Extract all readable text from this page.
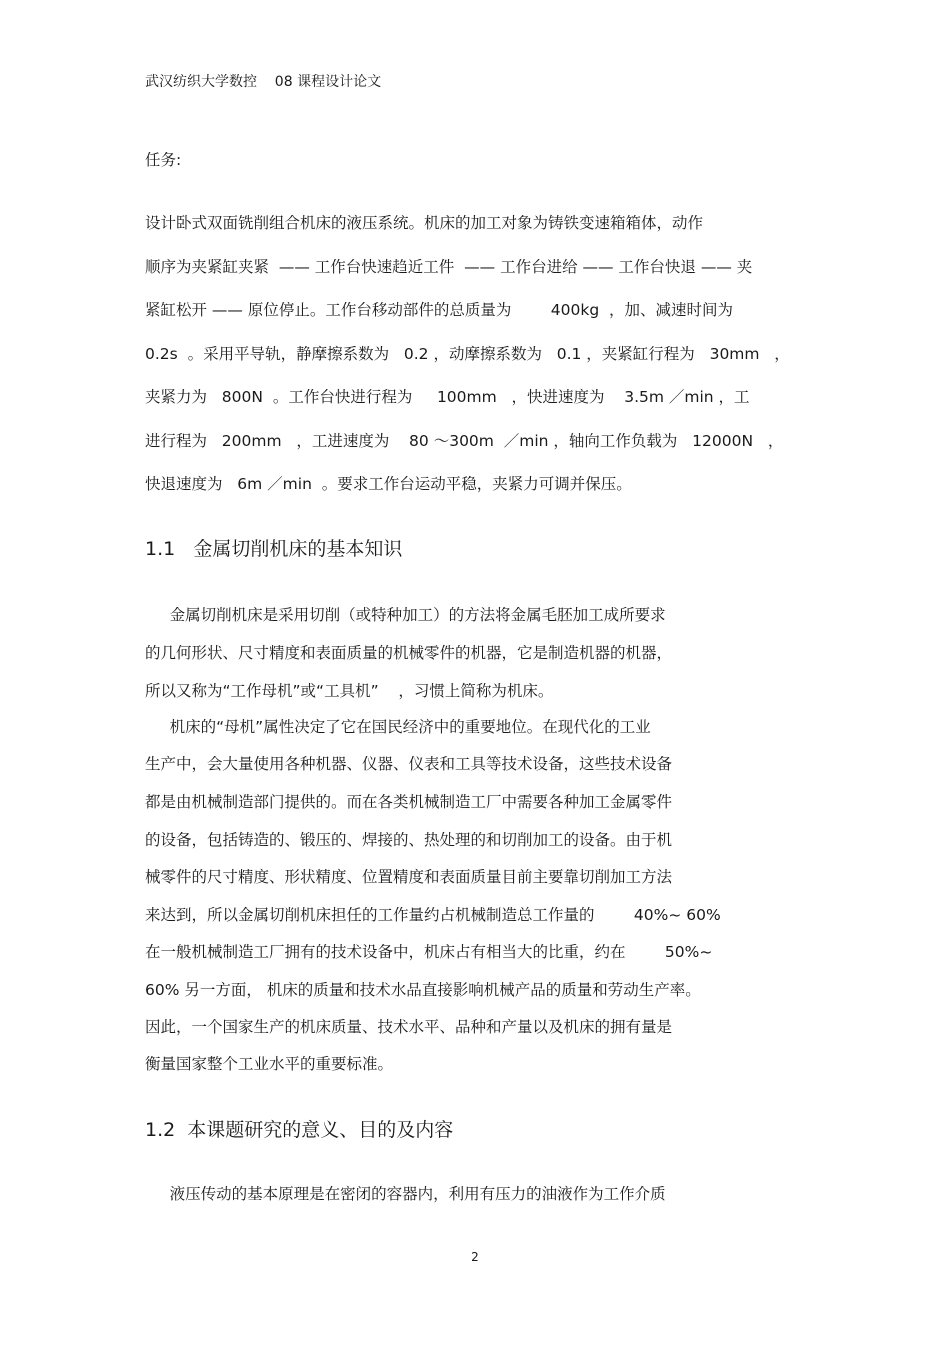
武汉纺织大学数控    08 课程设计论文
任务:
设计卧式双面铣削组合机床的液压系统。机床的加工对象为铸铁变速箱箱体，动作
顺序为夹紧缸夹紧  —— 工作台快速趋近工件  —— 工作台进给 —— 工作台快退 —— 夹
紧缸松开 —— 原位停止。工作台移动部件的总质量为        400kg  ，加、减速时间为
0.2s  。采用平导轨，静摩擦系数为   0.2 ，动摩擦系数为   0.1 ，夹紧缸行程为   30mm   ，
夹紧力为   800N  。工作台快进行程为     100mm   ，快进速度为    3.5m ／min ，工
进行程为   200mm   ，工进速度为    80 ～300m  ／min ，轴向工作负载为   12000N   ，
快退速度为   6m ／min  。要求工作台运动平稳，夹紧力可调并保压。
1.1   金属切削机床的基本知识
金属切削机床是采用切削（或特种加工）的方法将金属毛胚加工成所要求
的几何形状、尺寸精度和表面质量的机械零件的机器，它是制造机器的机器，
所以又称为“工作母机”或“工具机”    ，习惯上简称为机床。
机床的“母机”属性决定了它在国民经济中的重要地位。在现代化的工业
生产中，会大量使用各种机器、仪器、仪表和工具等技术设备，这些技术设备
都是由机械制造部门提供的。而在各类机械制造工厂中需要各种加工金属零件
的设备，包括铸造的、锻压的、焊接的、热处理的和切削加工的设备。由于机
械零件的尺寸精度、形状精度、位置精度和表面质量目前主要靠切削加工方法
来达到，所以金属切削机床担任的工作量约占机械制造总工作量的        40%~ 60%
在一般机械制造工厂拥有的技术设备中，机床占有相当大的比重，约在        50%~
60% 另一方面， 机床的质量和技术水品直接影响机械产品的质量和劳动生产率。
因此，一个国家生产的机床质量、技术水平、品种和产量以及机床的拥有量是
衡量国家整个工业水平的重要标准。
1.2  本课题研究的意义、目的及内容
液压传动的基本原理是在密闭的容器内，利用有压力的油液作为工作介质
2
